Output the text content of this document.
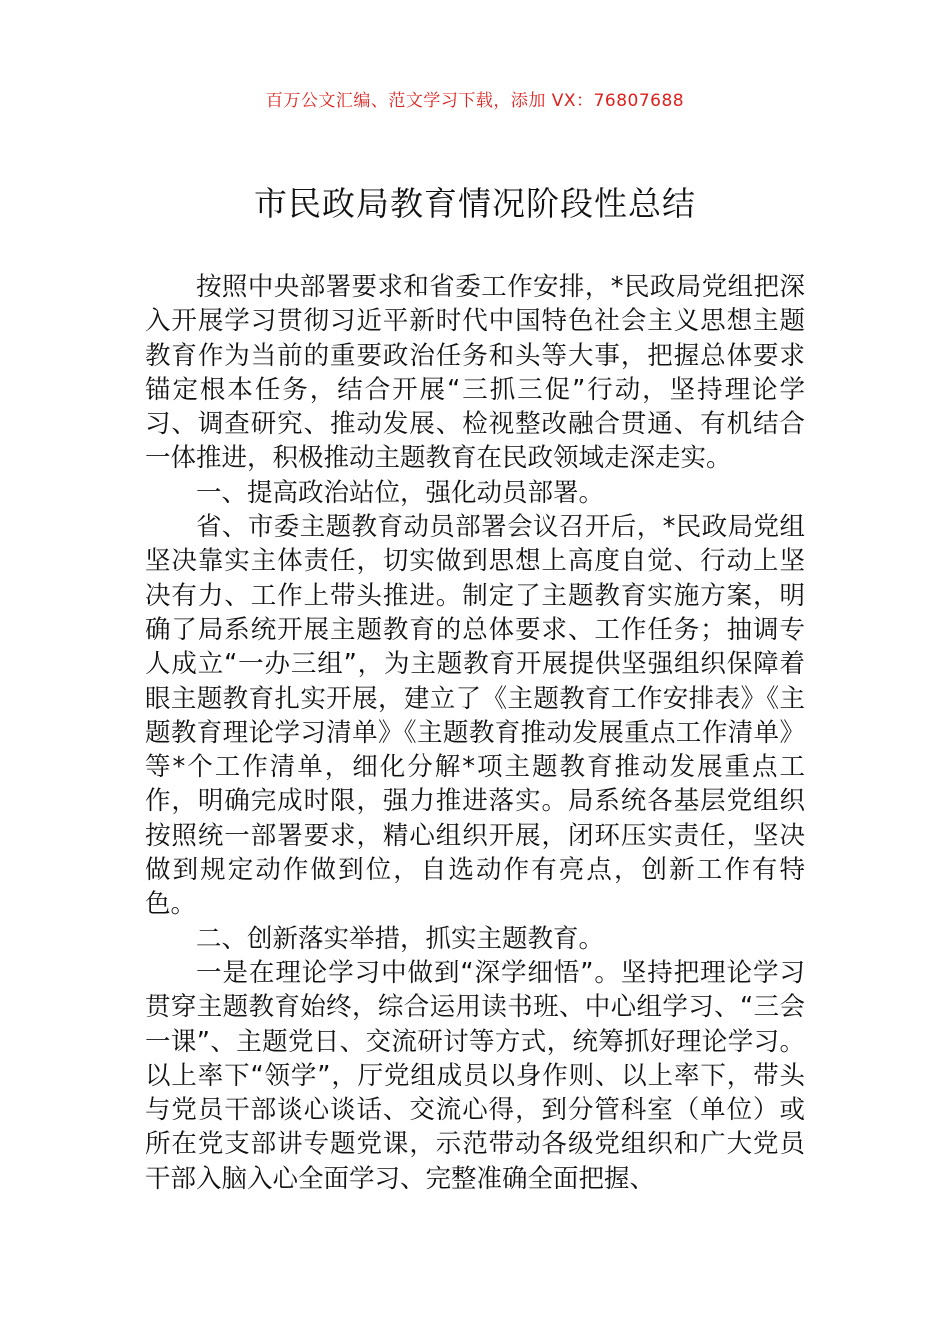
百万公文汇编、范文学习下载，添加 VX：76807688
市民政局教育情况阶段性总结

按照中央部署要求和省委工作安排，*民政局党组把深入开展学习贯彻习近平新时代中国特色社会主义思想主题教育作为当前的重要政治任务和头等大事，把握总体要求锚定根本任务，结合开展“三抓三促”行动，坚持理论学习、调查研究、推动发展、检视整改融合贯通、有机结合一体推进，积极推动主题教育在民政领域走深走实。

一、提高政治站位，强化动员部署。

省、市委主题教育动员部署会议召开后，*民政局党组坚决靠实主体责任，切实做到思想上高度自觉、行动上坚决有力、工作上带头推进。制定了主题教育实施方案，明确了局系统开展主题教育的总体要求、工作任务；抽调专人成立“一办三组”，为主题教育开展提供坚强组织保障着眼主题教育扎实开展，建立了《主题教育工作安排表》《主题教育理论学习清单》《主题教育推动发展重点工作清单》等*个工作清单，细化分解*项主题教育推动发展重点工作，明确完成时限，强力推进落实。局系统各基层党组织按照统一部署要求，精心组织开展，闭环压实责任，坚决做到规定动作做到位，自选动作有亮点，创新工作有特色。

二、创新落实举措，抓实主题教育。

一是在理论学习中做到“深学细悟”。坚持把理论学习贯穿主题教育始终，综合运用读书班、中心组学习、“三会一课”、主题党日、交流研讨等方式，统筹抓好理论学习。以上率下“领学”，厅党组成员以身作则、以上率下，带头与党员干部谈心谈话、交流心得，到分管科室（单位）或所在党支部讲专题党课，示范带动各级党组织和广大党员干部入脑入心全面学习、完整准确全面把握、
